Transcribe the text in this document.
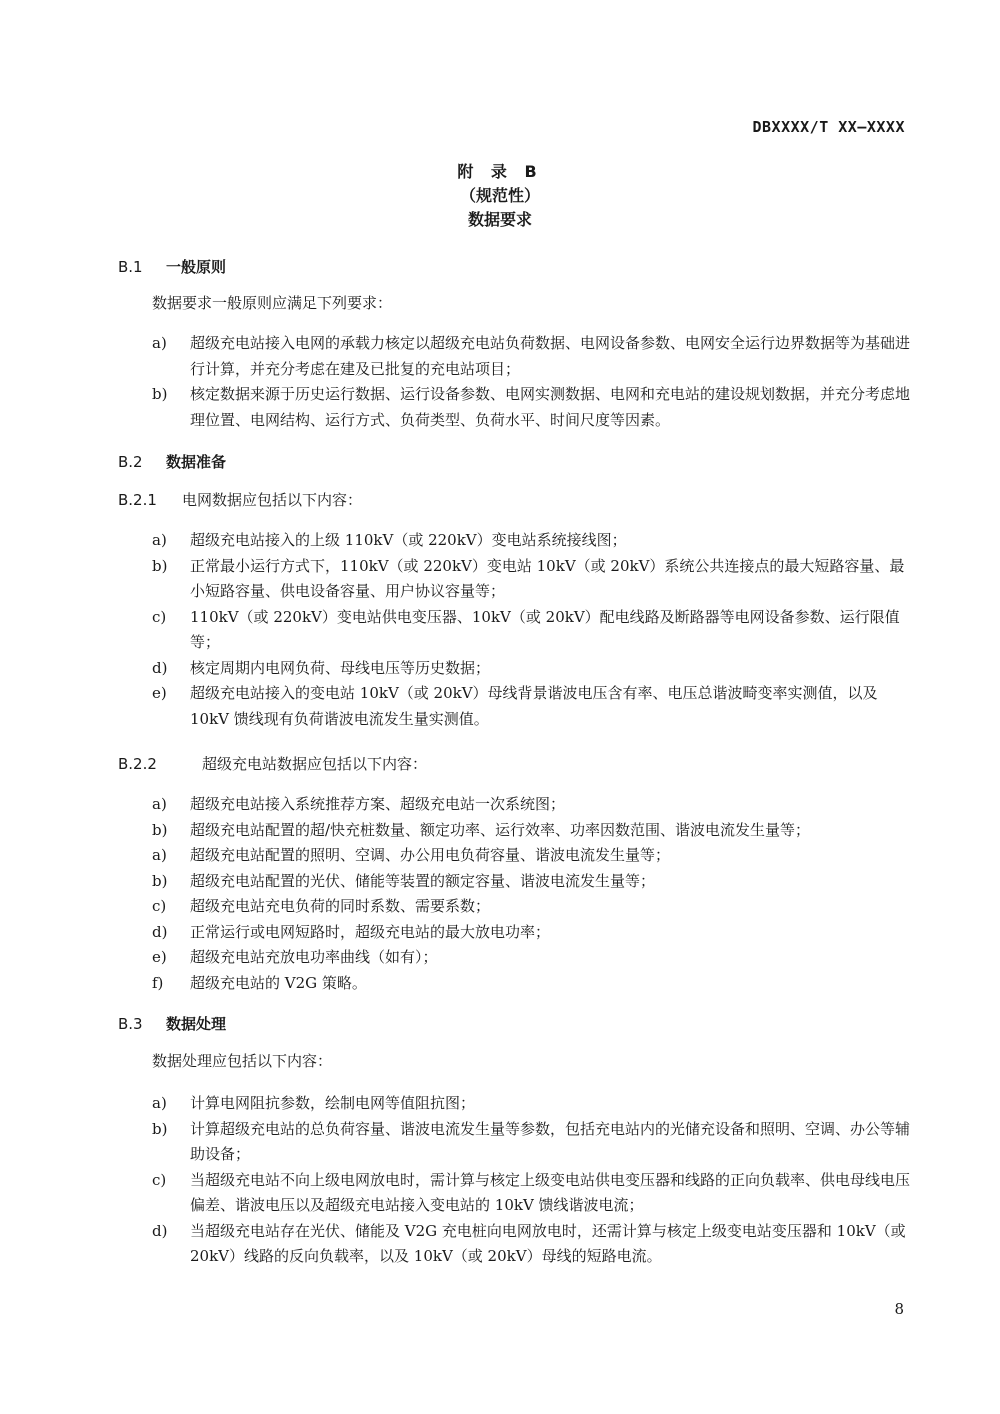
DBXXXX/T XX—XXXX
附 录 B
（规范性）
数据要求
B.1 一般原则
数据要求一般原则应满足下列要求：
a) 超级充电站接入电网的承载力核定以超级充电站负荷数据、电网设备参数、电网安全运行边界数据等为基础进行计算，并充分考虑在建及已批复的充电站项目；
b) 核定数据来源于历史运行数据、运行设备参数、电网实测数据、电网和充电站的建设规划数据，并充分考虑地理位置、电网结构、运行方式、负荷类型、负荷水平、时间尺度等因素。
B.2 数据准备
B.2.1 电网数据应包括以下内容：
a) 超级充电站接入的上级 110kV（或 220kV）变电站系统接线图；
b) 正常最小运行方式下，110kV（或 220kV）变电站 10kV（或 20kV）系统公共连接点的最大短路容量、最小短路容量、供电设备容量、用户协议容量等；
c) 110kV（或 220kV）变电站供电变压器、10kV（或 20kV）配电线路及断路器等电网设备参数、运行限值等；
d) 核定周期内电网负荷、母线电压等历史数据；
e) 超级充电站接入的变电站 10kV（或 20kV）母线背景谐波电压含有率、电压总谐波畸变率实测值，以及 10kV 馈线现有负荷谐波电流发生量实测值。
B.2.2	超级充电站数据应包括以下内容：
a) 超级充电站接入系统推荐方案、超级充电站一次系统图；
b) 超级充电站配置的超/快充桩数量、额定功率、运行效率、功率因数范围、谐波电流发生量等；
a) 超级充电站配置的照明、空调、办公用电负荷容量、谐波电流发生量等；
b) 超级充电站配置的光伏、储能等装置的额定容量、谐波电流发生量等；
c) 超级充电站充电负荷的同时系数、需要系数；
d) 正常运行或电网短路时，超级充电站的最大放电功率；
e) 超级充电站充放电功率曲线（如有）；
f) 超级充电站的 V2G 策略。
B.3 数据处理
数据处理应包括以下内容：
a) 计算电网阻抗参数，绘制电网等值阻抗图；
b) 计算超级充电站的总负荷容量、谐波电流发生量等参数，包括充电站内的光储充设备和照明、空调、办公等辅助设备；
c) 当超级充电站不向上级电网放电时，需计算与核定上级变电站供电变压器和线路的正向负载率、供电母线电压偏差、谐波电压以及超级充电站接入变电站的 10kV 馈线谐波电流；
d) 当超级充电站存在光伏、储能及 V2G 充电桩向电网放电时，还需计算与核定上级变电站变压器和 10kV（或 20kV）线路的反向负载率，以及 10kV（或 20kV）母线的短路电流。
8
